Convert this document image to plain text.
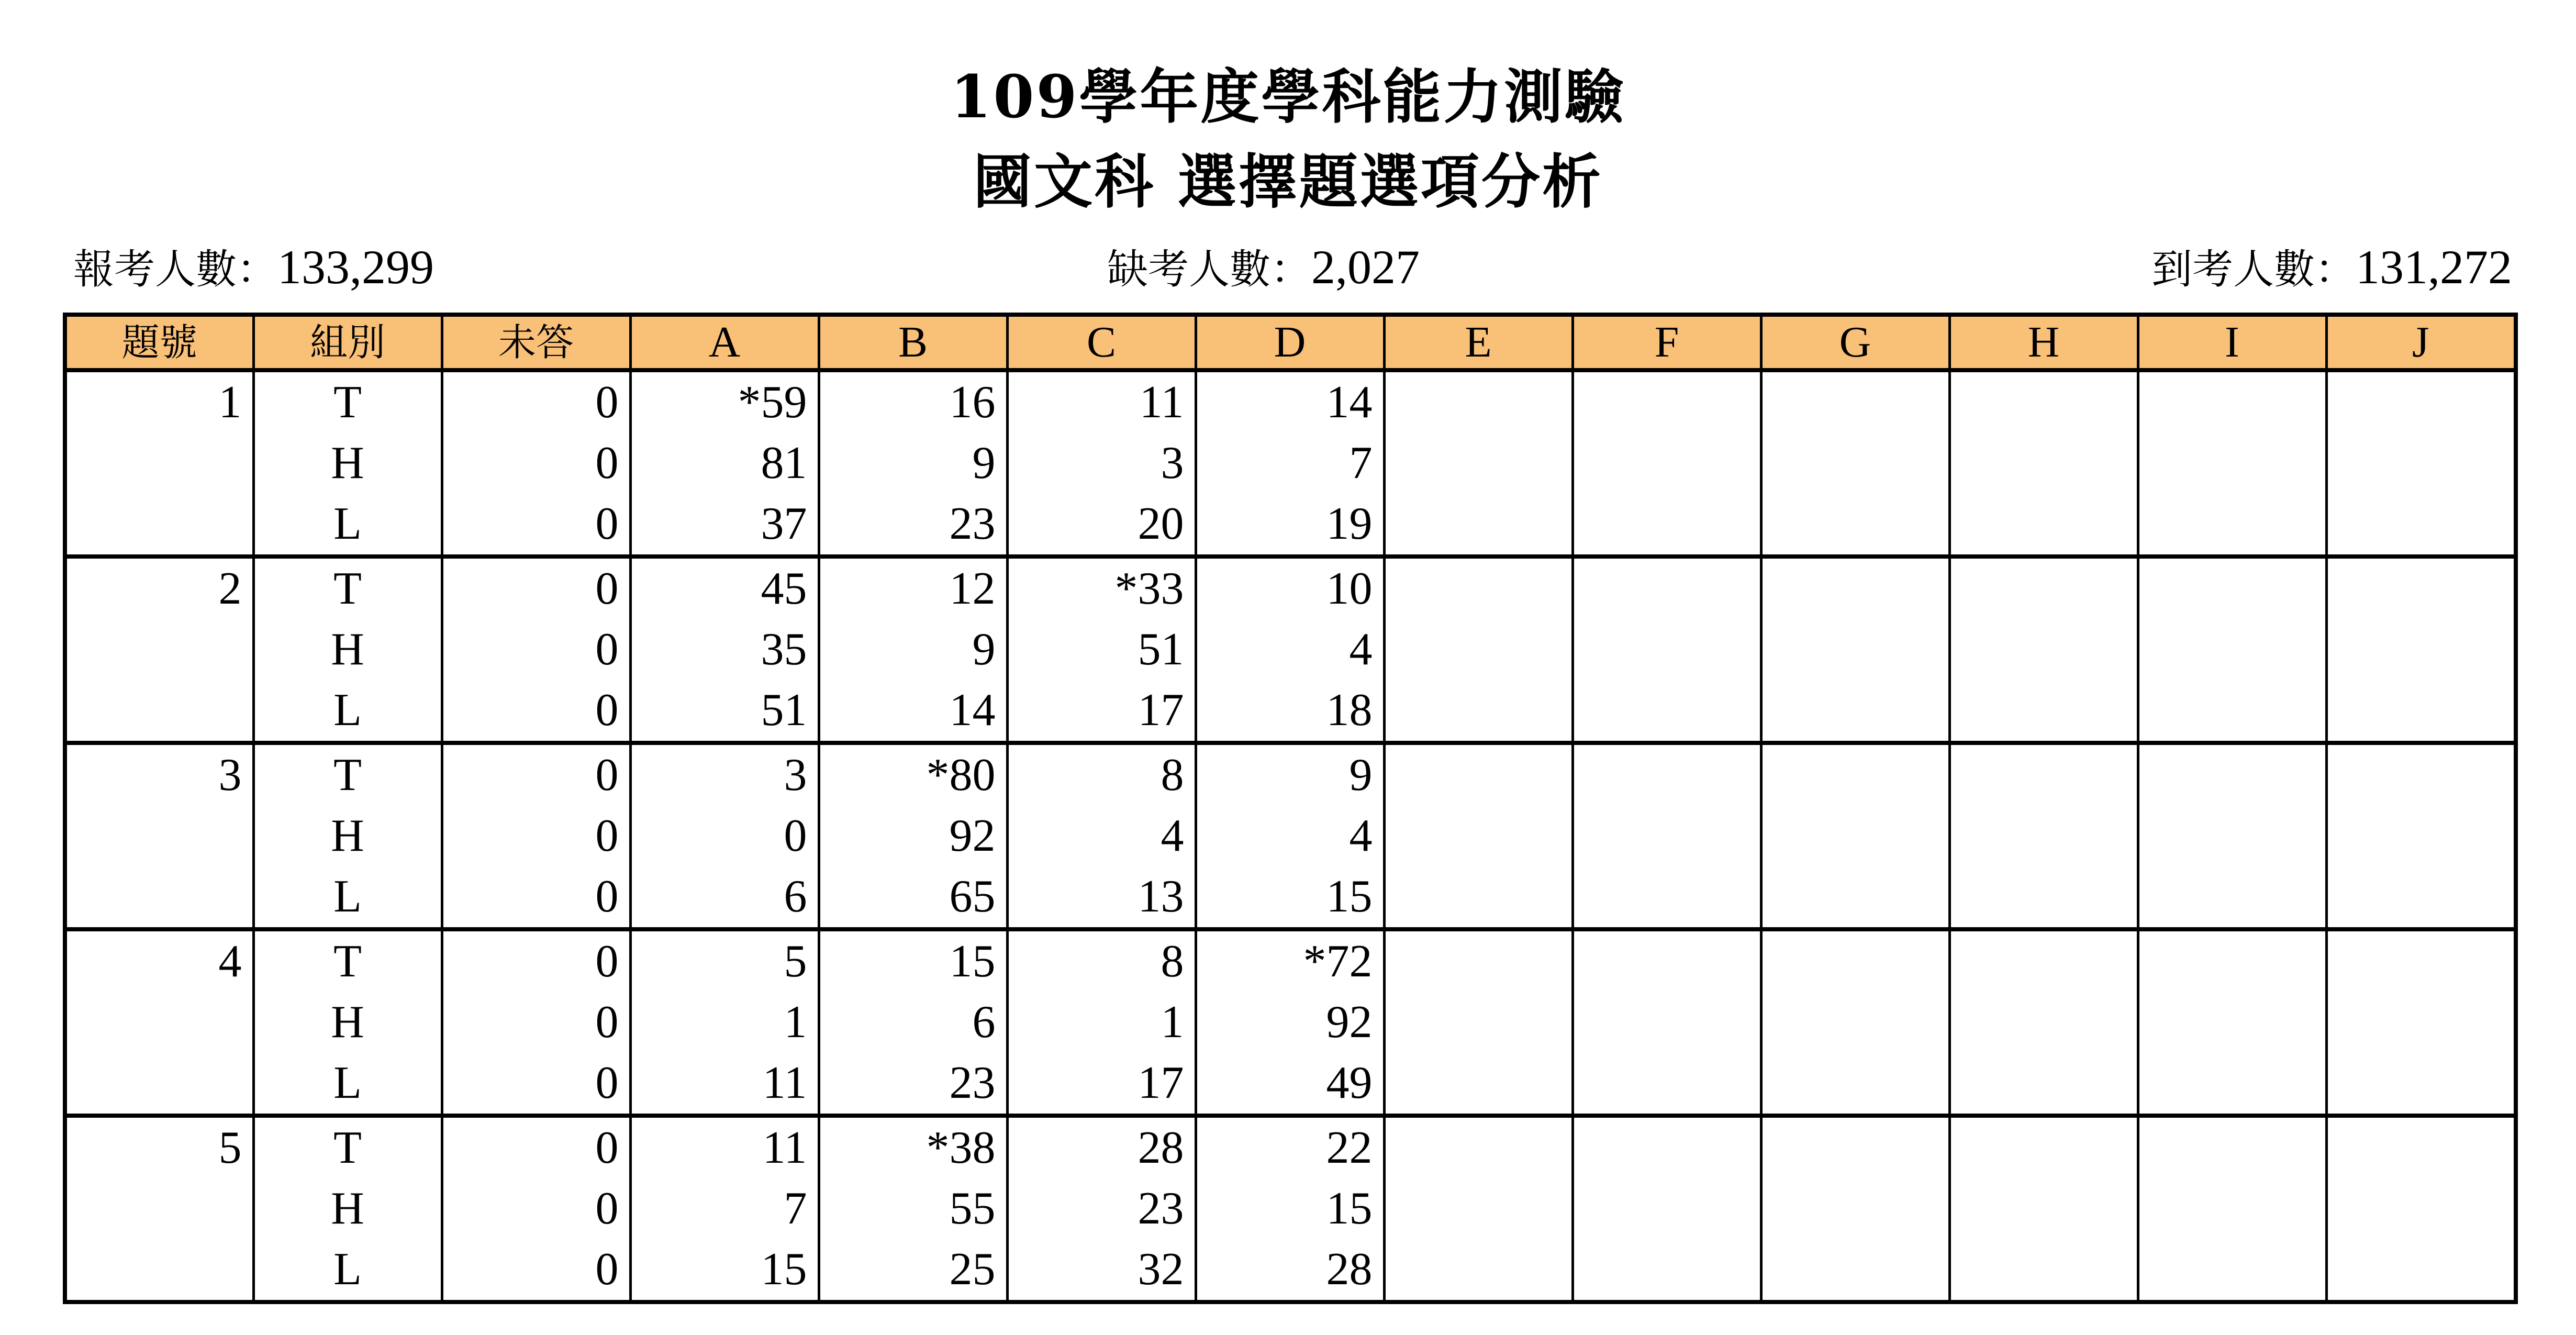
109學年度學科能力測驗
國文科 選擇題選項分析
報考人數：133,299	缺考人數：2,027	到考人數：131,272
題號	組別	未答	A	B	C	D	E	F	G	H	I	J
1	T	0	*59	16	11	14						
	H	0	81	9	3	7						
	L	0	37	23	20	19						
2	T	0	45	12	*33	10						
	H	0	35	9	51	4						
	L	0	51	14	17	18						
3	T	0	3	*80	8	9						
	H	0	0	92	4	4						
	L	0	6	65	13	15						
4	T	0	5	15	8	*72						
	H	0	1	6	1	92						
	L	0	11	23	17	49						
5	T	0	11	*38	28	22						
	H	0	7	55	23	15						
	L	0	15	25	32	28						
